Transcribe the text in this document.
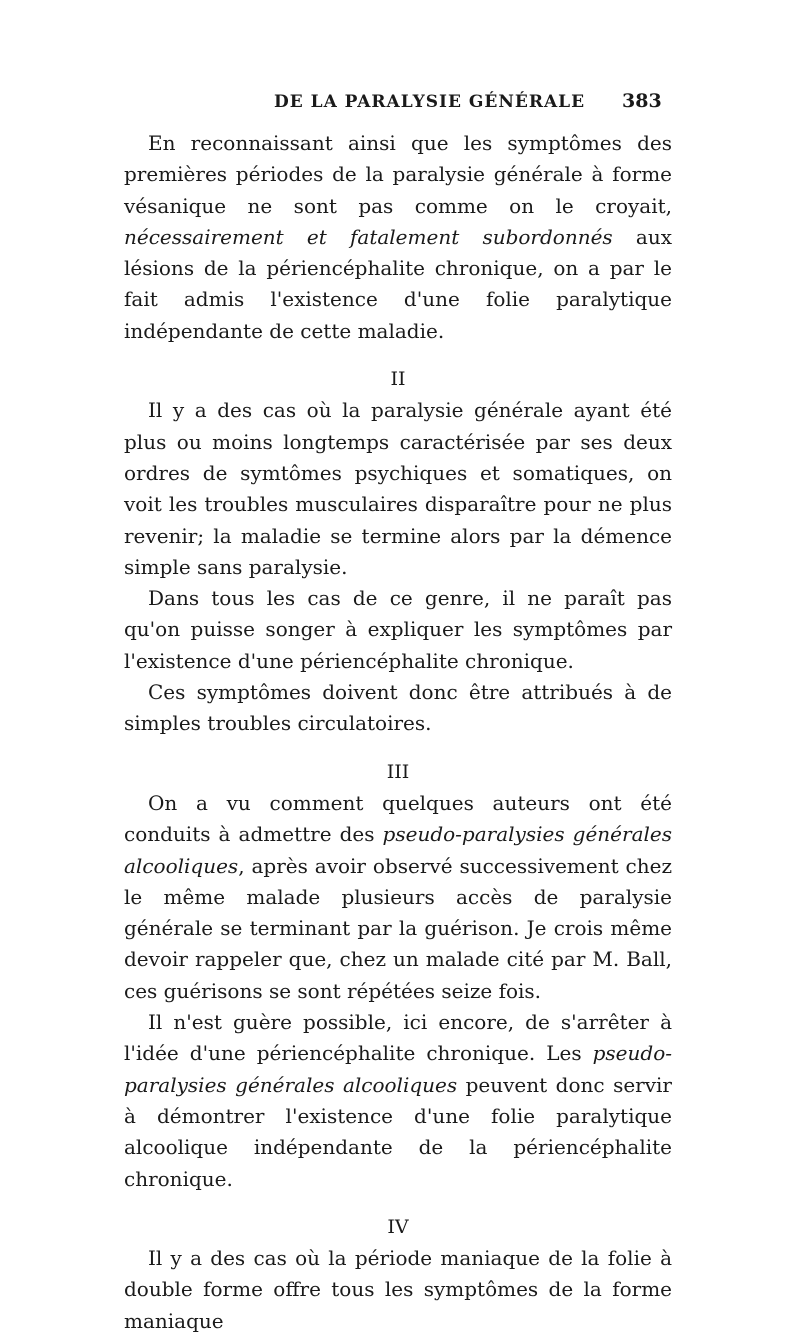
DE LA PARALYSIE GÉNÉRALE 383

En reconnaissant ainsi que les symptômes des premières périodes de la paralysie générale à forme vésanique ne sont pas comme on le croyait, nécessairement et fatalement subordonnés aux lésions de la périencéphalite chronique, on a par le fait admis l'existence d'une folie paralytique indépendante de cette maladie.

II

Il y a des cas où la paralysie générale ayant été plus ou moins longtemps caractérisée par ses deux ordres de symtômes psychiques et somatiques, on voit les troubles musculaires disparaître pour ne plus revenir; la maladie se termine alors par la démence simple sans paralysie.

Dans tous les cas de ce genre, il ne paraît pas qu'on puisse songer à expliquer les symptômes par l'existence d'une périencéphalite chronique.

Ces symptômes doivent donc être attribués à de simples troubles circulatoires.

III

On a vu comment quelques auteurs ont été conduits à admettre des pseudo-paralysies générales alcooliques, après avoir observé successivement chez le même malade plusieurs accès de paralysie générale se terminant par la guérison. Je crois même devoir rappeler que, chez un malade cité par M. Ball, ces guérisons se sont répétées seize fois.

Il n'est guère possible, ici encore, de s'arrêter à l'idée d'une périencéphalite chronique. Les pseudo-paralysies générales alcooliques peuvent donc servir à démontrer l'existence d'une folie paralytique alcoolique indépendante de la périencéphalite chronique.

IV

Il y a des cas où la période maniaque de la folie à double forme offre tous les symptômes de la forme maniaque
